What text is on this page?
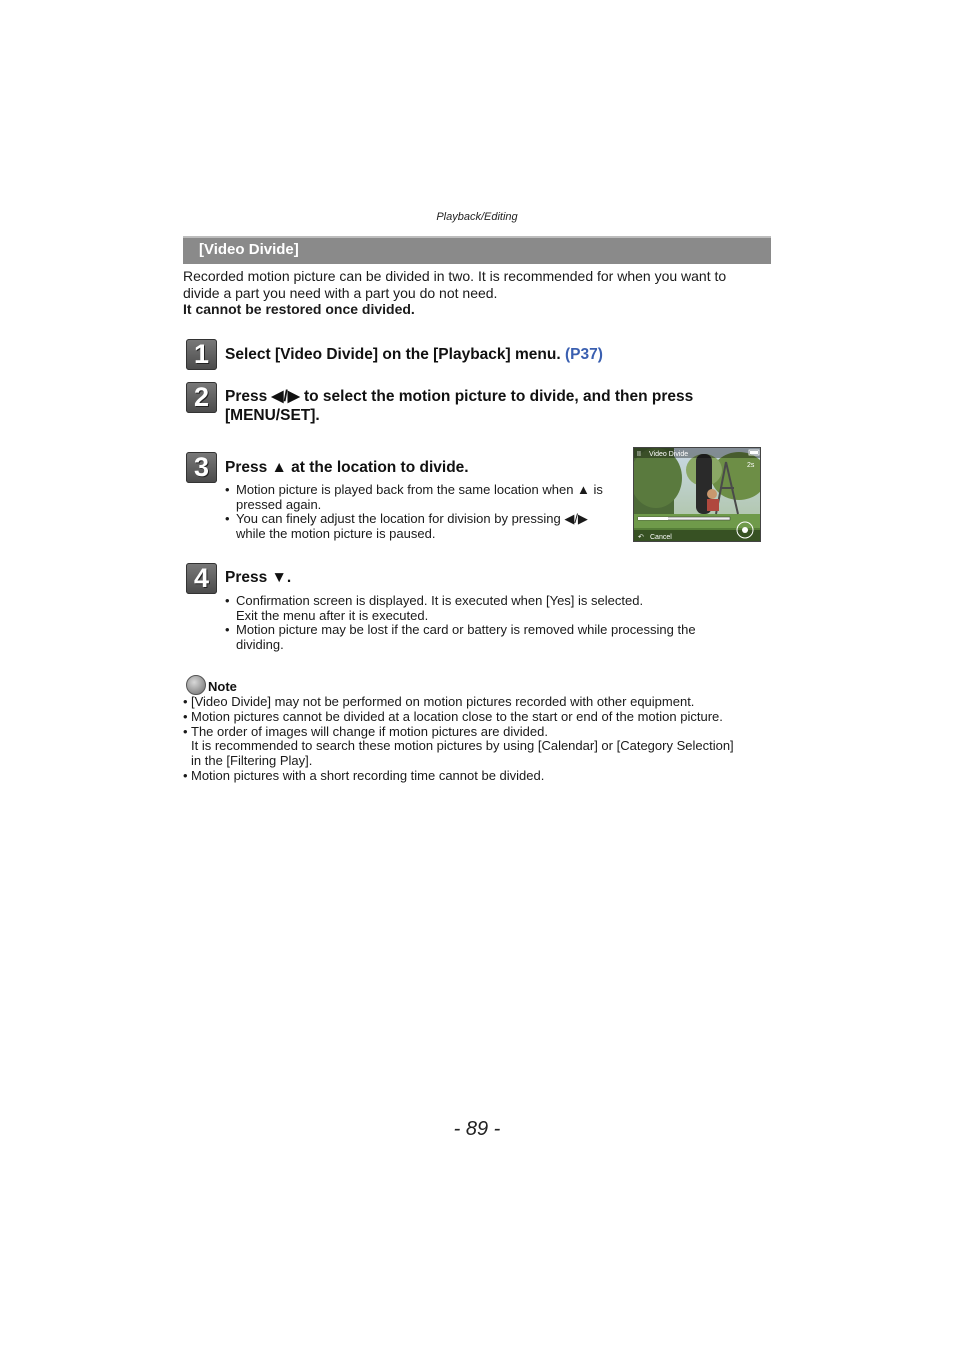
Playback/Editing
[Video Divide]
Recorded motion picture can be divided in two. It is recommended for when you want to
divide a part you need with a part you do not need.
It cannot be restored once divided.
1	Select [Video Divide] on the [Playback] menu. (P37)
2	Press ◀/▶ to select the motion picture to divide, and then press
[MENU/SET].
3	Press ▲ at the location to divide.
• Motion picture is played back from the same location when ▲ is
pressed again.
• You can finely adjust the location for division by pressing ◀/▶
while the motion picture is paused.
II Video Divide
2s
↶ Cancel
4	Press ▼.
• Confirmation screen is displayed. It is executed when [Yes] is selected.
Exit the menu after it is executed.
• Motion picture may be lost if the card or battery is removed while processing the
dividing.
Note
• [Video Divide] may not be performed on motion pictures recorded with other equipment.
• Motion pictures cannot be divided at a location close to the start or end of the motion picture.
• The order of images will change if motion pictures are divided.
It is recommended to search these motion pictures by using [Calendar] or [Category Selection]
in the [Filtering Play].
• Motion pictures with a short recording time cannot be divided.
- 89 -
